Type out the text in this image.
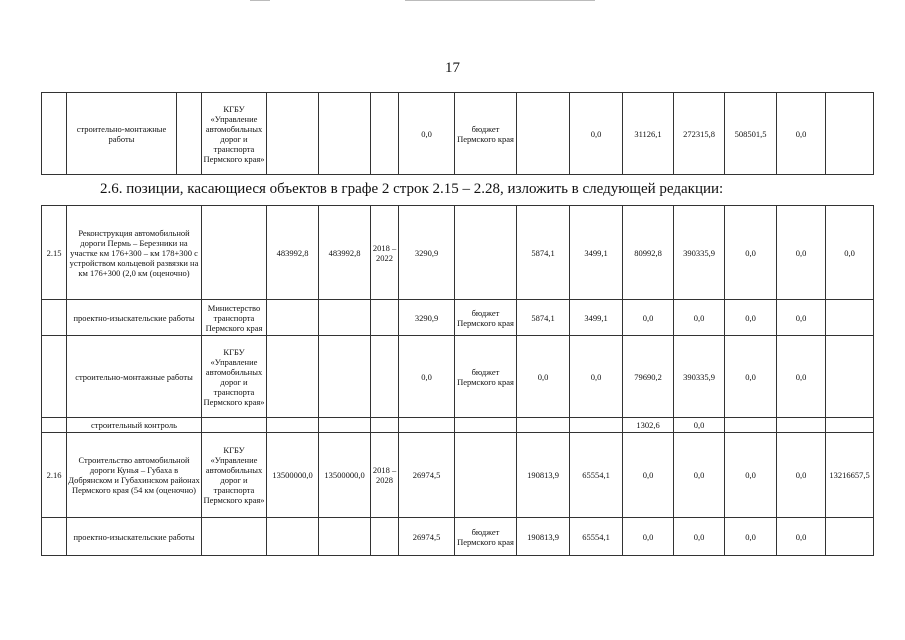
17
	строительно-монтажные работы		КГБУ «Управление автомобильных дорог и транспорта Пермского края»				0,0	бюджет Пермского края		0,0	31126,1	272315,8	508501,5	0,0	
2.6. позиции, касающиеся объектов в графе 2 строк 2.15 – 2.28, изложить в следующей редакции:
2.15	Реконструкция автомобильной дороги Пермь – Березники на участке км 176+300 – км 178+300 с устройством кольцевой развязки на км 176+300 (2,0 км (оценочно)		483992,8	483992,8	2018 – 2022	3290,9		5874,1	3499,1	80992,8	390335,9	0,0	0,0	0,0
	проектно-изыскательские работы	Министерство транспорта Пермского края				3290,9	бюджет Пермского края	5874,1	3499,1	0,0	0,0	0,0	0,0	
	строительно-монтажные работы	КГБУ «Управление автомобильных дорог и транспорта Пермского края»				0,0	бюджет Пермского края	0,0	0,0	79690,2	390335,9	0,0	0,0	
	строительный контроль									1302,6	0,0			
2.16	Строительство автомобильной дороги Кунья – Губаха в Добрянском и Губахинском районах Пермского края (54 км (оценочно)	КГБУ «Управление автомобильных дорог и транспорта Пермского края»	13500000,0	13500000,0	2018 – 2028	26974,5		190813,9	65554,1	0,0	0,0	0,0	0,0	13216657,5
	проектно-изыскательские работы					26974,5	бюджет Пермского края	190813,9	65554,1	0,0	0,0	0,0	0,0	
